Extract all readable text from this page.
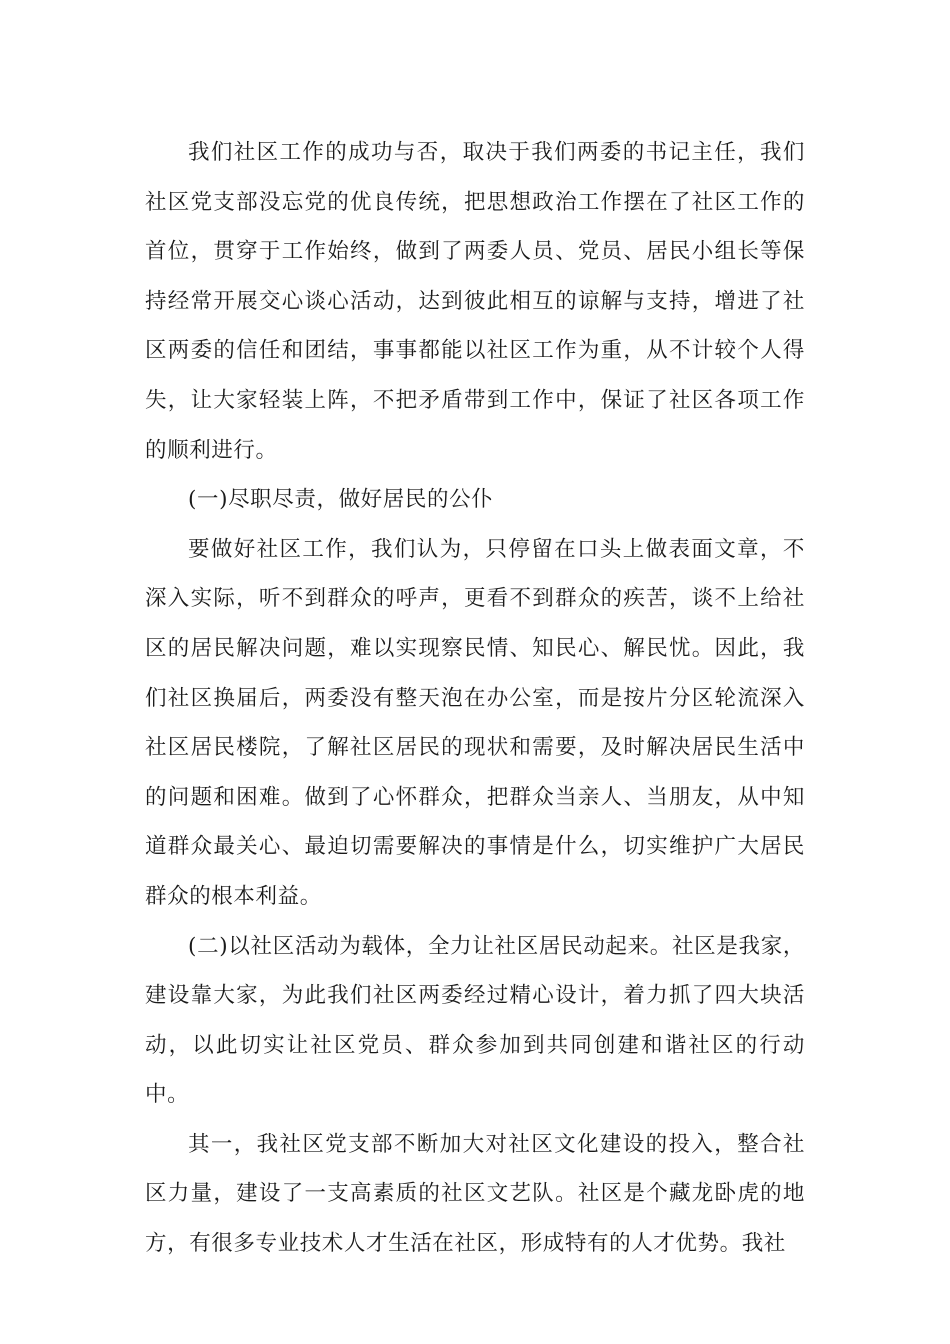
我们社区工作的成功与否，取决于我们两委的书记主任，我们社区党支部没忘党的优良传统，把思想政治工作摆在了社区工作的首位，贯穿于工作始终，做到了两委人员、党员、居民小组长等保持经常开展交心谈心活动，达到彼此相互的谅解与支持，增进了社区两委的信任和团结，事事都能以社区工作为重，从不计较个人得失，让大家轻装上阵，不把矛盾带到工作中，保证了社区各项工作的顺利进行。

(一)尽职尽责，做好居民的公仆

要做好社区工作，我们认为，只停留在口头上做表面文章，不深入实际，听不到群众的呼声，更看不到群众的疾苦，谈不上给社区的居民解决问题，难以实现察民情、知民心、解民忧。因此，我们社区换届后，两委没有整天泡在办公室，而是按片分区轮流深入社区居民楼院，了解社区居民的现状和需要，及时解决居民生活中的问题和困难。做到了心怀群众，把群众当亲人、当朋友，从中知道群众最关心、最迫切需要解决的事情是什么，切实维护广大居民群众的根本利益。

(二)以社区活动为载体，全力让社区居民动起来。社区是我家，建设靠大家，为此我们社区两委经过精心设计，着力抓了四大块活动，以此切实让社区党员、群众参加到共同创建和谐社区的行动中。

其一，我社区党支部不断加大对社区文化建设的投入，整合社区力量，建设了一支高素质的社区文艺队。社区是个藏龙卧虎的地方，有很多专业技术人才生活在社区，形成特有的人才优势。我社
